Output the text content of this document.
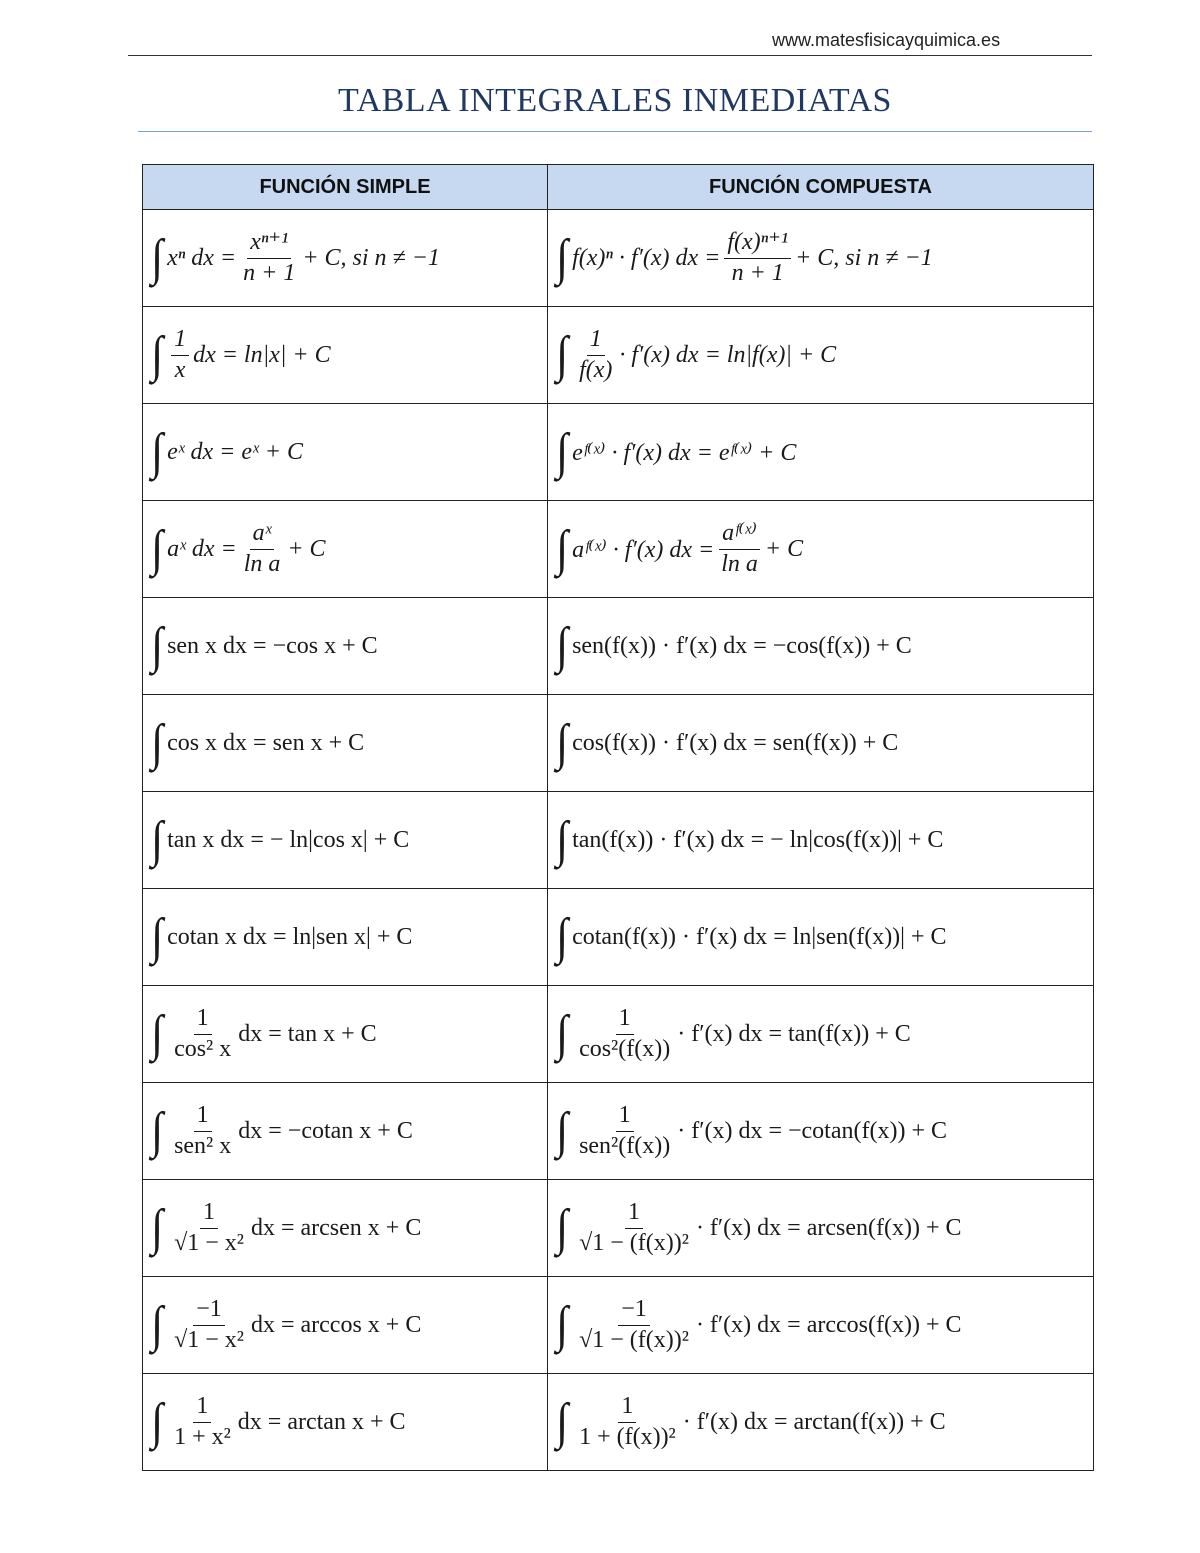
www.matesfisicayquimica.es
TABLA INTEGRALES INMEDIATAS
FUNCIÓN SIMPLE	FUNCIÓN COMPUESTA

∫ xⁿ dx = $\frac{\text{xⁿ⁺¹}}{n + 1} + C$, si n ≠ −1	∫ f(x)ⁿ · f′(x) dx = $\frac{\text{f(x)ⁿ⁺¹}}{n + 1} + C$, si n ≠ −1

∫ $\frac{1}{x}$ dx = ln|x| + C	∫ $\frac{1}{f(x)} \cdot f'(x)$ dx = ln|f(x)| + C

∫ eˣ dx = eˣ + C	∫ eᶠ⁽ˣ⁾ · f′(x) dx = eᶠ⁽ˣ⁾ + C

∫ aˣ dx = $\frac{\text{aˣ}}{\text{ln a}} + C$	∫ aᶠ⁽ˣ⁾ · f′(x) dx = $\frac{\text{aᶠ⁽ˣ⁾}}{\text{ln a}} + C$

∫ sen x dx = −cos x + C	∫ sen(f(x)) · f′(x) dx = −cos(f(x)) + C

∫ cos x dx = sen x + C	∫ cos(f(x)) · f′(x) dx = sen(f(x)) + C

∫ tan x dx = − ln|cos x| + C	∫ tan(f(x)) · f′(x) dx = − ln|cos(f(x))| + C

∫ cotan x dx = ln|sen x| + C	∫ cotan(f(x)) · f′(x) dx = ln|sen(f(x))| + C

∫ $\frac{1}{\text{cos² x}}$ dx = tan x + C	∫ $\frac{1}{\text{cos²(f(x))}} \cdot f'(x)$ dx = tan(f(x)) + C

∫ $\frac{1}{\text{sen² x}}$ dx = −cotan x + C	∫ $\frac{1}{\text{sen²(f(x))}} \cdot f'(x)$ dx = −cotan(f(x)) + C

∫ $\frac{1}{\text{√1 − x²}}$ dx = arcsen x + C	∫ $\frac{1}{\text{√1 − (f(x))²}} \cdot f'(x)$ dx = arcsen(f(x)) + C

∫ $\frac{-1}{\text{√1 − x²}}$ dx = arccos x + C	∫ $\frac{-1}{\text{√1 − (f(x))²}} \cdot f'(x)$ dx = arccos(f(x)) + C

∫ $\frac{1}{\text{1 + x²}}$ dx = arctan x + C	∫ $\frac{1}{\text{1 + (f(x))²}} \cdot f'(x)$ dx = arctan(f(x)) + C
